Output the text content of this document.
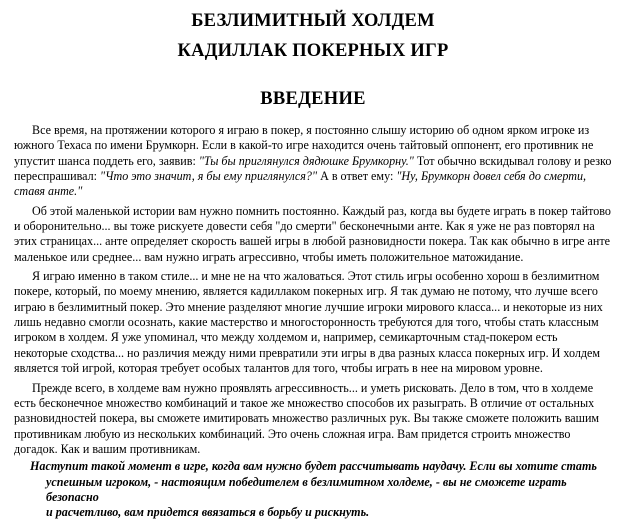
БЕЗЛИМИТНЫЙ ХОЛДЕМ
КАДИЛЛАК ПОКЕРНЫХ ИГР
ВВЕДЕНИЕ

Все время, на протяжении которого я играю в покер, я постоянно слышу историю об одном ярком игроке из южного Техаса по имени Брумкорн. Если в какой-то игре находится очень тайтовый оппонент, его противник не упустит шанса поддеть его, заявив: "Ты бы приглянулся дядюшке Брумкорну." Тот обычно вскидывал голову и резко переспрашивал: "Что это значит, я бы ему приглянулся?" А в ответ ему: "Ну, Брумкорн довел себя до смерти, ставя анте."

Об этой маленькой истории вам нужно помнить постоянно. Каждый раз, когда вы будете играть в покер тайтово и оборонительно... вы тоже рискуете довести себя "до смерти" бесконечными анте. Как я уже не раз повторял на этих страницах... анте определяет скорость вашей игры в любой разновидности покера. Так как обычно в игре анте маленькое или среднее... вам нужно играть агрессивно, чтобы иметь положительное матожидание.

Я играю именно в таком стиле... и мне не на что жаловаться. Этот стиль игры особенно хорош в безлимитном покере, который, по моему мнению, является кадиллаком покерных игр. Я так думаю не потому, что лучше всего играю в безлимитный покер. Это мнение разделяют многие лучшие игроки мирового класса... и некоторые из них лишь недавно смогли осознать, какие мастерство и многосторонность требуются для того, чтобы стать классным игроком в холдем. Я уже упоминал, что между холдемом и, например, семикарточным стад-покером есть некоторые сходства... но различия между ними превратили эти игры в два разных класса покерных игр. И холдем является той игрой, которая требует особых талантов для того, чтобы играть в нее на мировом уровне.

Прежде всего, в холдеме вам нужно проявлять агрессивность... и уметь рисковать. Дело в том, что в холдеме есть бесконечное множество комбинаций и такое же множество способов их разыграть. В отличие от остальных разновидностей покера, вы сможете имитировать множество различных рук. Вы также сможете положить вашим противникам любую из нескольких комбинаций. Это очень сложная игра. Вам придется строить множество догадок. Как и вашим противникам.

Наступит такой момент в игре, когда вам нужно будет рассчитывать наудачу. Если вы хотите стать
успешным игроком, - настоящим победителем в безлимитном холдеме, - вы не сможете играть безопасно
и расчетливо, вам придется ввязаться в борьбу и рискнуть.
